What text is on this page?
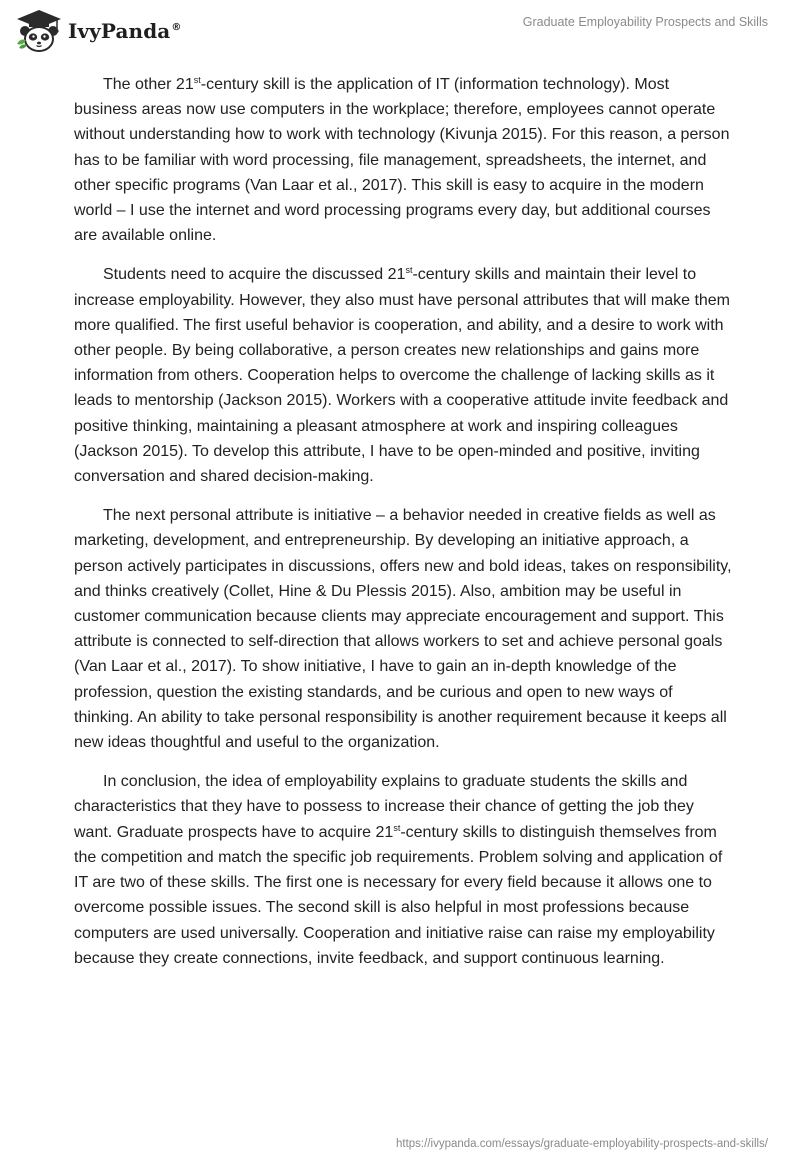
IvyPanda®	Graduate Employability Prospects and Skills

The other 21st-century skill is the application of IT (information technology). Most business areas now use computers in the workplace; therefore, employees cannot operate without understanding how to work with technology (Kivunja 2015). For this reason, a person has to be familiar with word processing, file management, spreadsheets, the internet, and other specific programs (Van Laar et al., 2017). This skill is easy to acquire in the modern world – I use the internet and word processing programs every day, but additional courses are available online.

Students need to acquire the discussed 21st-century skills and maintain their level to increase employability. However, they also must have personal attributes that will make them more qualified. The first useful behavior is cooperation, and ability, and a desire to work with other people. By being collaborative, a person creates new relationships and gains more information from others. Cooperation helps to overcome the challenge of lacking skills as it leads to mentorship (Jackson 2015). Workers with a cooperative attitude invite feedback and positive thinking, maintaining a pleasant atmosphere at work and inspiring colleagues (Jackson 2015). To develop this attribute, I have to be open-minded and positive, inviting conversation and shared decision-making.

The next personal attribute is initiative – a behavior needed in creative fields as well as marketing, development, and entrepreneurship. By developing an initiative approach, a person actively participates in discussions, offers new and bold ideas, takes on responsibility, and thinks creatively (Collet, Hine & Du Plessis 2015). Also, ambition may be useful in customer communication because clients may appreciate encouragement and support. This attribute is connected to self-direction that allows workers to set and achieve personal goals (Van Laar et al., 2017). To show initiative, I have to gain an in-depth knowledge of the profession, question the existing standards, and be curious and open to new ways of thinking. An ability to take personal responsibility is another requirement because it keeps all new ideas thoughtful and useful to the organization.

In conclusion, the idea of employability explains to graduate students the skills and characteristics that they have to possess to increase their chance of getting the job they want. Graduate prospects have to acquire 21st-century skills to distinguish themselves from the competition and match the specific job requirements. Problem solving and application of IT are two of these skills. The first one is necessary for every field because it allows one to overcome possible issues. The second skill is also helpful in most professions because computers are used universally. Cooperation and initiative raise can raise my employability because they create connections, invite feedback, and support continuous learning.

https://ivypanda.com/essays/graduate-employability-prospects-and-skills/
